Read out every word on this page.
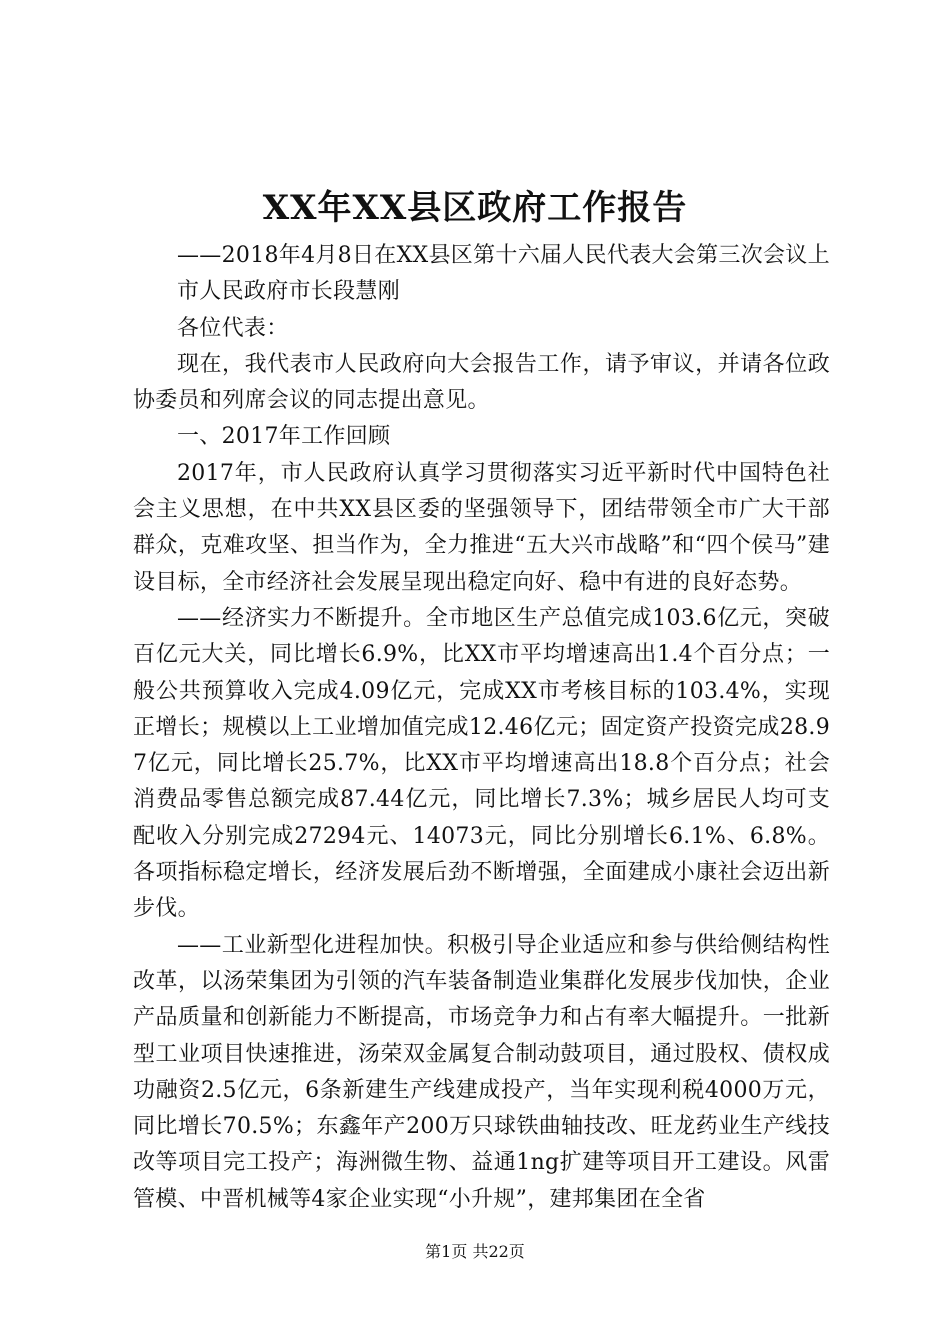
XX年XX县区政府工作报告

——2018年4月8日在XX县区第十六届人民代表大会第三次会议上

市人民政府市长段慧刚

各位代表：

现在，我代表市人民政府向大会报告工作，请予审议，并请各位政协委员和列席会议的同志提出意见。

一、2017年工作回顾

2017年，市人民政府认真学习贯彻落实习近平新时代中国特色社会主义思想，在中共XX县区委的坚强领导下，团结带领全市广大干部群众，克难攻坚、担当作为，全力推进“五大兴市战略”和“四个侯马”建设目标，全市经济社会发展呈现出稳定向好、稳中有进的良好态势。

——经济实力不断提升。全市地区生产总值完成103.6亿元，突破百亿元大关，同比增长6.9%，比XX市平均增速高出1.4个百分点；一般公共预算收入完成4.09亿元，完成XX市考核目标的103.4%，实现正增长；规模以上工业增加值完成12.46亿元；固定资产投资完成28.97亿元，同比增长25.7%，比XX市平均增速高出18.8个百分点；社会消费品零售总额完成87.44亿元，同比增长7.3%；城乡居民人均可支配收入分别完成27294元、14073元，同比分别增长6.1%、6.8%。各项指标稳定增长，经济发展后劲不断增强，全面建成小康社会迈出新步伐。

——工业新型化进程加快。积极引导企业适应和参与供给侧结构性改革，以汤荣集团为引领的汽车装备制造业集群化发展步伐加快，企业产品质量和创新能力不断提高，市场竞争力和占有率大幅提升。一批新型工业项目快速推进，汤荣双金属复合制动鼓项目，通过股权、债权成功融资2.5亿元，6条新建生产线建成投产，当年实现利税4000万元，同比增长70.5%；东鑫年产200万只球铁曲轴技改、旺龙药业生产线技改等项目完工投产；海洲微生物、益通1ng扩建等项目开工建设。风雷管模、中晋机械等4家企业实现“小升规”，建邦集团在全省

第1页 共22页
